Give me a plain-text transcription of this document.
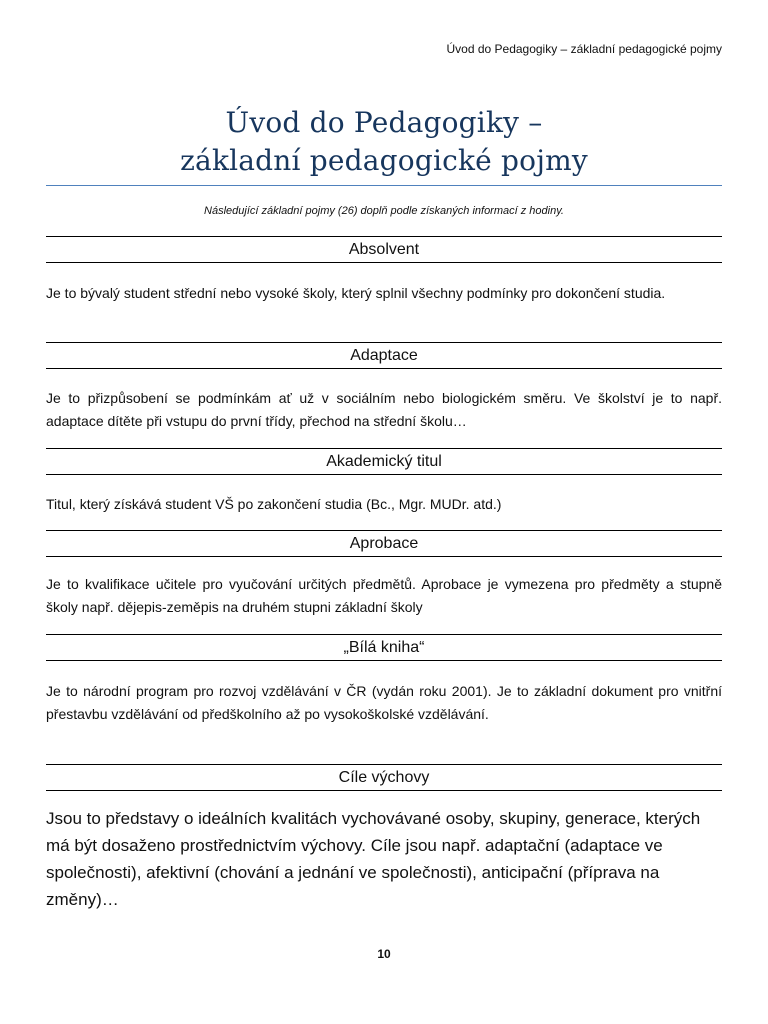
Úvod do Pedagogiky – základní pedagogické pojmy
Úvod do Pedagogiky –
základní pedagogické pojmy
Následující základní pojmy (26) doplň podle získaných informací z hodiny.
Absolvent
Je to bývalý student střední nebo vysoké školy, který splnil všechny podmínky pro dokončení studia.
Adaptace
Je to přizpůsobení se podmínkám ať už v sociálním nebo biologickém směru. Ve školství je to např. adaptace dítěte při vstupu do první třídy, přechod na střední školu…
Akademický titul
Titul, který získává student VŠ po zakončení studia (Bc., Mgr. MUDr. atd.)
Aprobace
Je to kvalifikace učitele pro vyučování určitých předmětů. Aprobace je vymezena pro předměty a stupně školy např. dějepis-zeměpis na druhém stupni základní školy
„Bílá kniha“
Je to národní program pro rozvoj vzdělávání v ČR (vydán roku 2001). Je to základní dokument pro vnitřní přestavbu vzdělávání od předškolního až po vysokoškolské vzdělávání.
Cíle výchovy
Jsou to představy o ideálních kvalitách vychovávané osoby, skupiny, generace, kterých má být dosaženo prostřednictvím výchovy. Cíle jsou např. adaptační (adaptace ve společnosti), afektivní (chování a jednání ve společnosti), anticipační (příprava na změny)…
10
